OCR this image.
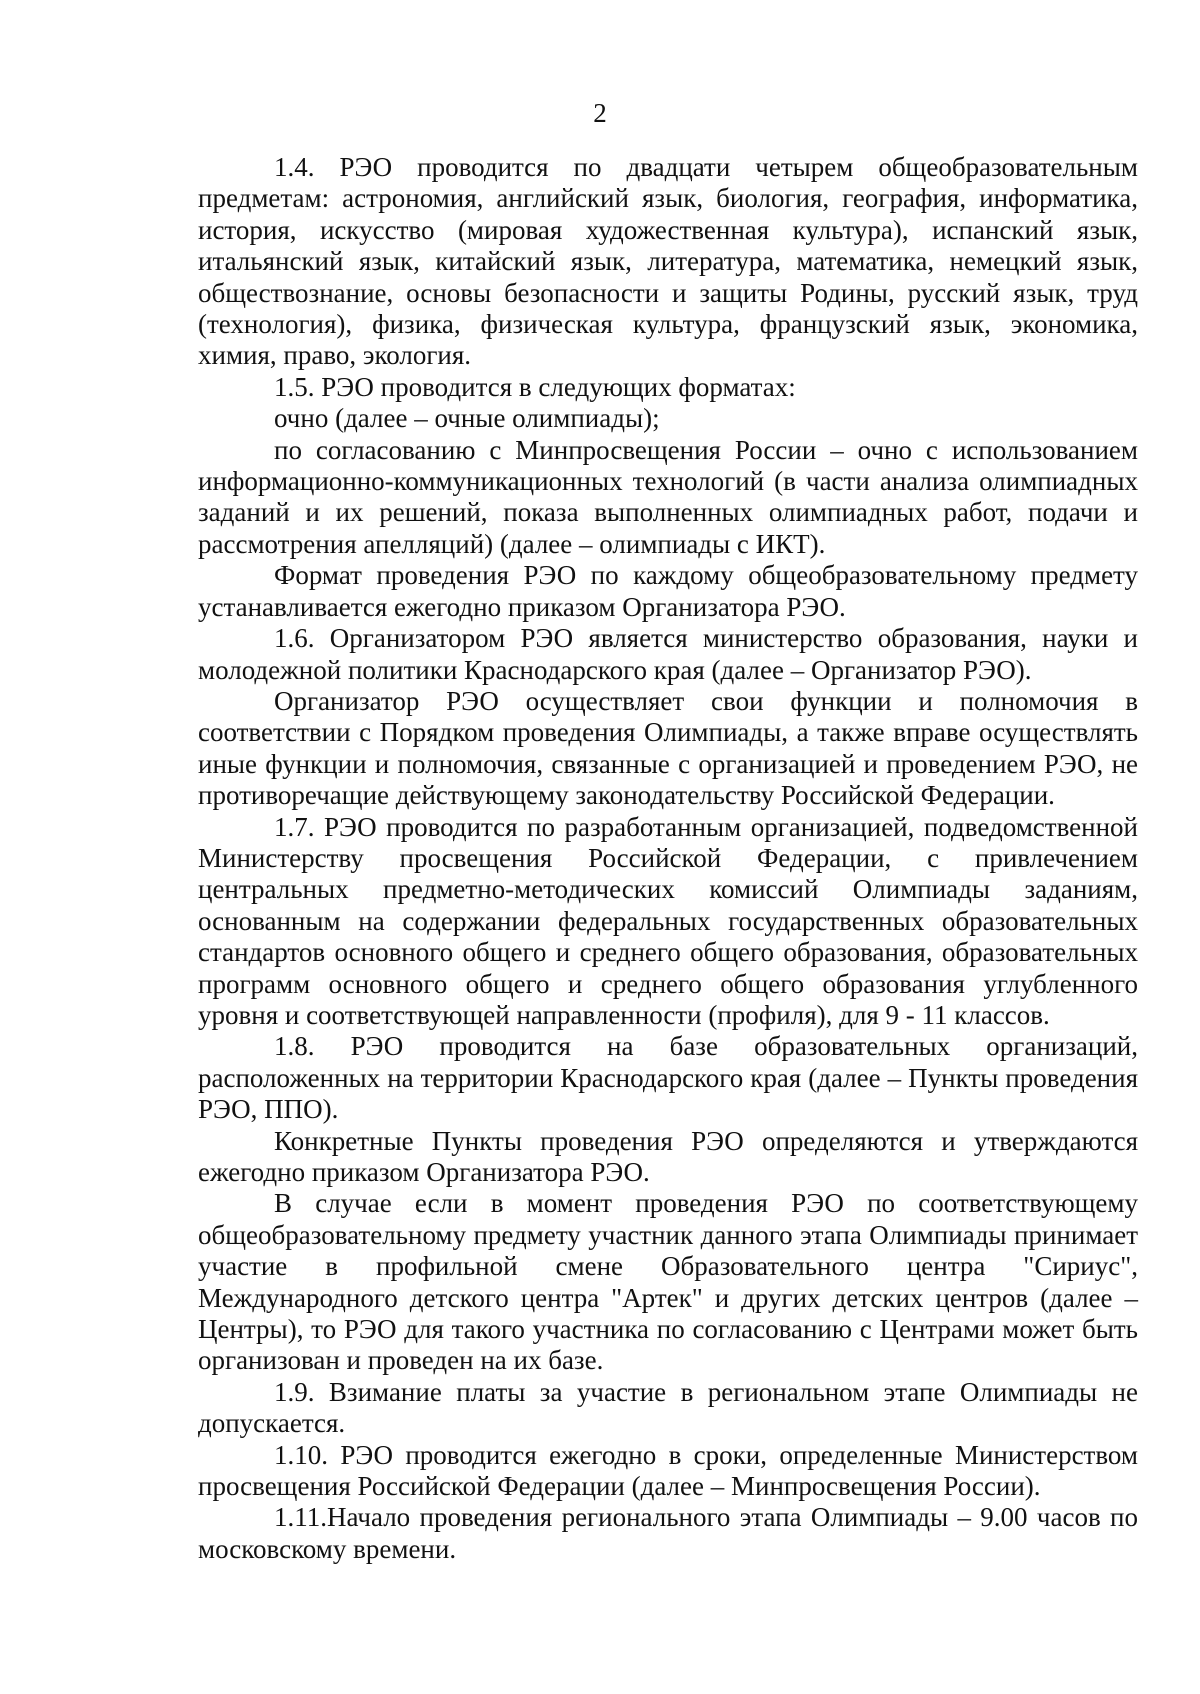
2

1.4. РЭО проводится по двадцати четырем общеобразовательным предметам: астрономия, английский язык, биология, география, информатика, история, искусство (мировая художественная культура), испанский язык, итальянский язык, китайский язык, литература, математика, немецкий язык, обществознание, основы безопасности и защиты Родины, русский язык, труд (технология), физика, физическая культура, французский язык, экономика, химия, право, экология.

1.5. РЭО проводится в следующих форматах:

очно (далее – очные олимпиады);

по согласованию с Минпросвещения России – очно с использованием информационно-коммуникационных технологий (в части анализа олимпиадных заданий и их решений, показа выполненных олимпиадных работ, подачи и рассмотрения апелляций) (далее – олимпиады с ИКТ).

Формат проведения РЭО по каждому общеобразовательному предмету устанавливается ежегодно приказом Организатора РЭО.

1.6. Организатором РЭО является министерство образования, науки и молодежной политики Краснодарского края (далее – Организатор РЭО).

Организатор РЭО осуществляет свои функции и полномочия в соответствии с Порядком проведения Олимпиады, а также вправе осуществлять иные функции и полномочия, связанные с организацией и проведением РЭО, не противоречащие действующему законодательству Российской Федерации.

1.7. РЭО проводится по разработанным организацией, подведомственной Министерству просвещения Российской Федерации, с привлечением центральных предметно-методических комиссий Олимпиады заданиям, основанным на содержании федеральных государственных образовательных стандартов основного общего и среднего общего образования, образовательных программ основного общего и среднего общего образования углубленного уровня и соответствующей направленности (профиля), для 9 - 11 классов.

1.8. РЭО проводится на базе образовательных организаций, расположенных на территории Краснодарского края (далее – Пункты проведения РЭО, ППО).

Конкретные Пункты проведения РЭО определяются и утверждаются ежегодно приказом Организатора РЭО.

В случае если в момент проведения РЭО по соответствующему общеобразовательному предмету участник данного этапа Олимпиады принимает участие в профильной смене Образовательного центра "Сириус", Международного детского центра "Артек" и других детских центров (далее – Центры), то РЭО для такого участника по согласованию с Центрами может быть организован и проведен на их базе.

1.9. Взимание платы за участие в региональном этапе Олимпиады не допускается.

1.10. РЭО проводится ежегодно в сроки, определенные Министерством просвещения Российской Федерации (далее – Минпросвещения России).

1.11.Начало проведения регионального этапа Олимпиады – 9.00 часов по московскому времени.
